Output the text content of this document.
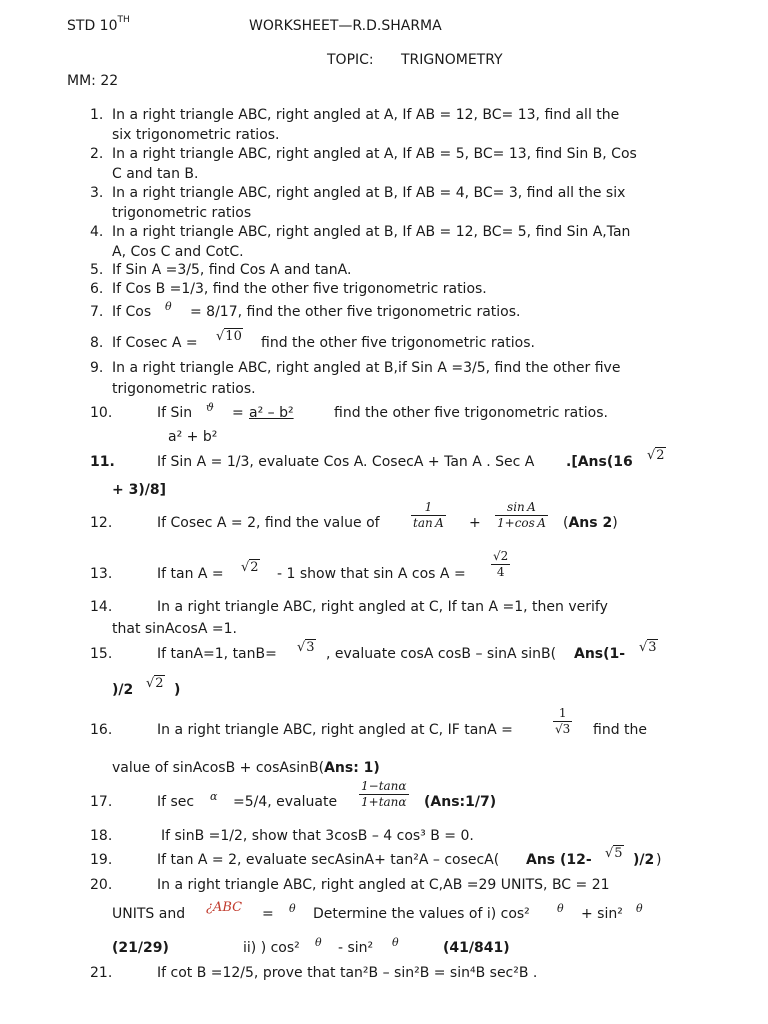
STD 10TH	WORKSHEET—R.D.SHARMA
TOPIC: TRIGNOMETRY
MM: 22
1. In a right triangle ABC, right angled at A, If AB = 12, BC= 13, find all the
six trigonometric ratios.
2. In a right triangle ABC, right angled at A, If AB = 5, BC= 13, find Sin B, Cos
C and tan B.
3. In a right triangle ABC, right angled at B, If AB = 4, BC= 3, find all the six
trigonometric ratios
4. In a right triangle ABC, right angled at B, If AB = 12, BC= 5, find Sin A,Tan
A, Cos C and CotC.
5. If Sin A =3/5, find Cos A and tanA.
6. If Cos B =1/3, find the other five trigonometric ratios.
7. If Cos θ = 8/17, find the other five trigonometric ratios.
8. If Cosec A = √10 find the other five trigonometric ratios.
9. In a right triangle ABC, right angled at B,if Sin A =3/5, find the other five
trigonometric ratios.
10.	If Sin ϑ = a² – b²	find the other five trigonometric ratios.
a² + b²
11.	If Sin A = 1/3, evaluate Cos A. CosecA + Tan A . Sec A .[Ans(16 √2
+ 3)/8]
12.	If Cosec A = 2, find the value of	$\frac{1}{\text{tan A}} + \frac{\text{sin A}}{\text{1+cos A}} (Ans$ 2)
13.	If tan A = √2 - 1 show that sin A $\cos A = \frac{√2}{4}$
14.	In a right triangle ABC, right angled at C, If tan A =1, then verify
that sinAcosA =1.
15.	If tanA=1, tanB= √3 , evaluate cosA cosB – sinA sinB( Ans(1- √3
)/2 √2 )
16.	In a right triangle ABC, right angled at C, IF tanA =	$\frac{1}{√3}$ find the
value of sinAcosB + cosAsinB(Ans: 1)
17.	If sec α =5/4, evaluate $\frac{1-\tan\alpha}{1+\tan\alpha}$ (Ans:1/7)
18.	If sinB =1/2, show that 3cosB – 4 cos³ B = 0.
19.	If tan A = 2, evaluate secAsinA+ tan²A – cosecA( Ans (12- √5 )/2 )
20.	In a right triangle ABC, right angled at C,AB =29 UNITS, BC = 21
UNITS and ¿ABC = θ Determine the values of i) cos² θ + sin² θ
(21/29)	ii) ) cos² θ - sin² θ	(41/841)
21.	If cot B =12/5, prove that tan²B – sin²B = sin⁴B sec²B .
